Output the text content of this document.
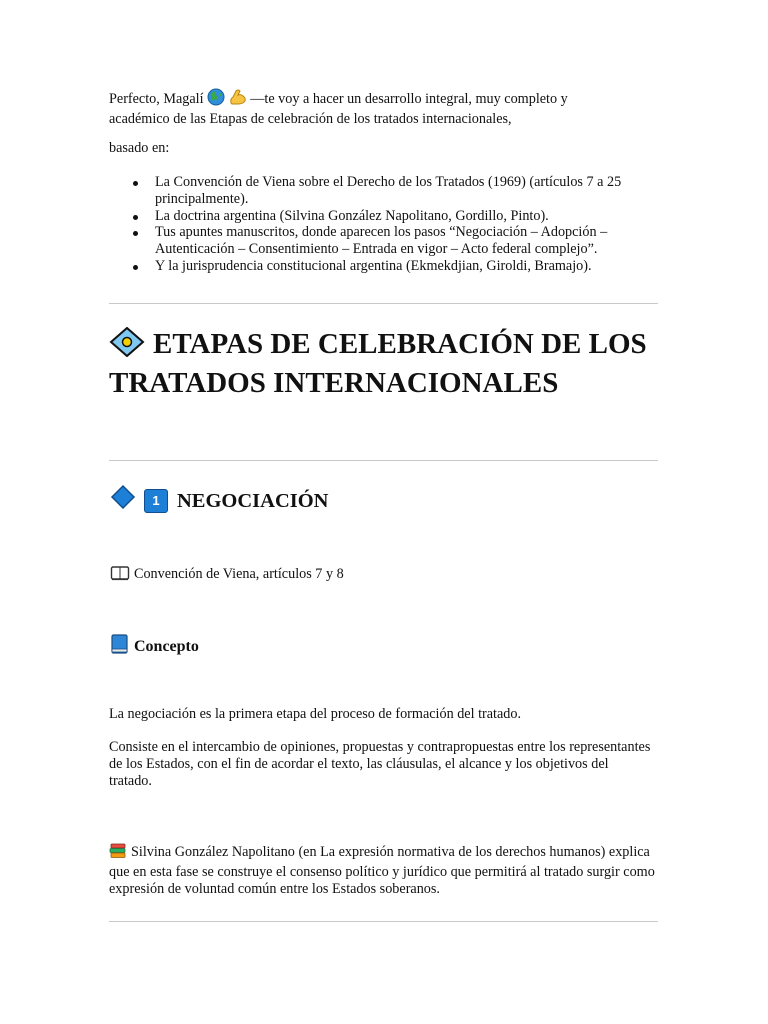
Perfecto, Magalí	—te voy a hacer un desarrollo integral, muy completo y
académico de las Etapas de celebración de los tratados internacionales,
basado en:
La Convención de Viena sobre el Derecho de los Tratados (1969) (artículos 7 a 25 principalmente).
La doctrina argentina (Silvina González Napolitano, Gordillo, Pinto).
Tus apuntes manuscritos, donde aparecen los pasos “Negociación – Adopción – Autenticación – Consentimiento – Entrada en vigor – Acto federal complejo”.
Y la jurisprudencia constitucional argentina (Ekmekdjian, Giroldi, Bramajo).
ETAPAS DE CELEBRACIÓN DE LOS TRATADOS INTERNACIONALES
1 NEGOCIACIÓN
Convención de Viena, artículos 7 y 8
Concepto
La negociación es la primera etapa del proceso de formación del tratado.
Consiste en el intercambio de opiniones, propuestas y contrapropuestas entre los representantes de los Estados, con el fin de acordar el texto, las cláusulas, el alcance y los objetivos del tratado.
Silvina González Napolitano (en La expresión normativa de los derechos humanos) explica que en esta fase se construye el consenso político y jurídico que permitirá al tratado surgir como expresión de voluntad común entre los Estados soberanos.
